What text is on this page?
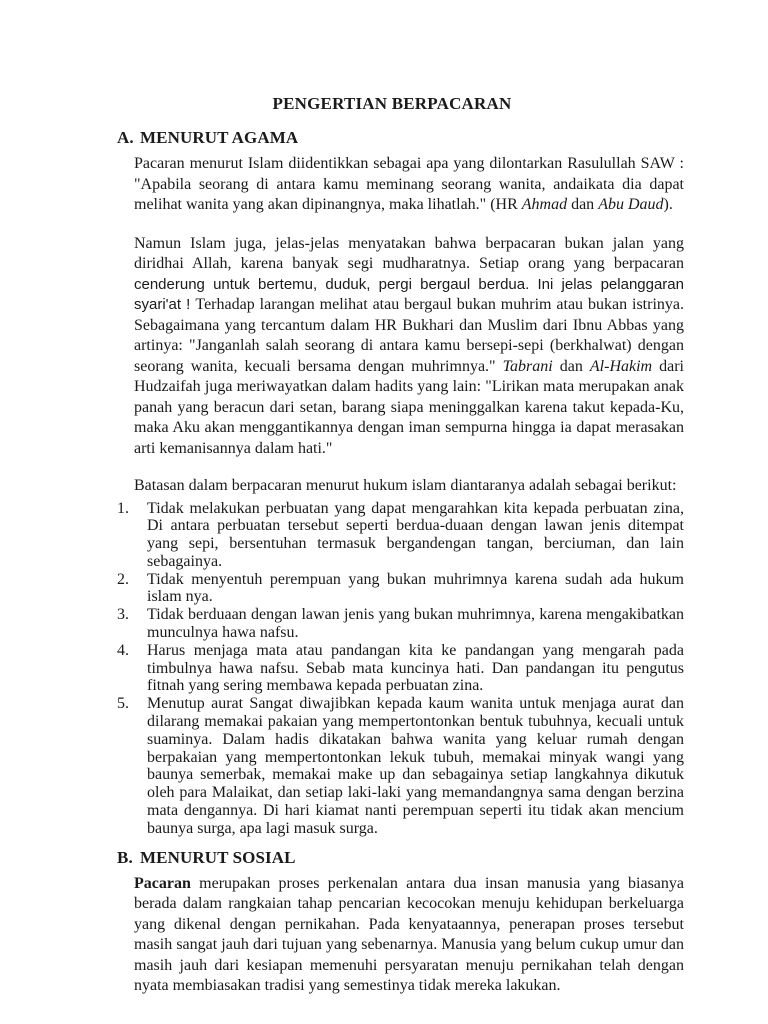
PENGERTIAN BERPACARAN
A. MENURUT AGAMA

Pacaran menurut Islam diidentikkan sebagai apa yang dilontarkan Rasulullah SAW : "Apabila seorang di antara kamu meminang seorang wanita, andaikata dia dapat melihat wanita yang akan dipinangnya, maka lihatlah." (HR Ahmad dan Abu Daud).

Namun Islam juga, jelas-jelas menyatakan bahwa berpacaran bukan jalan yang diridhai Allah, karena banyak segi mudharatnya. Setiap orang yang berpacaran cenderung untuk bertemu, duduk, pergi bergaul berdua. Ini jelas pelanggaran syari'at ! Terhadap larangan melihat atau bergaul bukan muhrim atau bukan istrinya. Sebagaimana yang tercantum dalam HR Bukhari dan Muslim dari Ibnu Abbas yang artinya: "Janganlah salah seorang di antara kamu bersepi-sepi (berkhalwat) dengan seorang wanita, kecuali bersama dengan muhrimnya." Tabrani dan Al-Hakim dari Hudzaifah juga meriwayatkan dalam hadits yang lain: "Lirikan mata merupakan anak panah yang beracun dari setan, barang siapa meninggalkan karena takut kepada-Ku, maka Aku akan menggantikannya dengan iman sempurna hingga ia dapat merasakan arti kemanisannya dalam hati."

Batasan dalam berpacaran menurut hukum islam diantaranya adalah sebagai berikut:

1.	Tidak melakukan perbuatan yang dapat mengarahkan kita kepada perbuatan zina, Di antara perbuatan tersebut seperti berdua-duaan dengan lawan jenis ditempat yang sepi, bersentuhan termasuk bergandengan tangan, berciuman, dan lain sebagainya.
2.	Tidak menyentuh perempuan yang bukan muhrimnya karena sudah ada hukum islam nya.
3.	Tidak berduaan dengan lawan jenis yang bukan muhrimnya, karena mengakibatkan munculnya hawa nafsu.
4.	Harus menjaga mata atau pandangan kita ke pandangan yang mengarah pada timbulnya hawa nafsu. Sebab mata kuncinya hati. Dan pandangan itu pengutus fitnah yang sering membawa kepada perbuatan zina.
5.	Menutup aurat Sangat diwajibkan kepada kaum wanita untuk menjaga aurat dan dilarang memakai pakaian yang mempertontonkan bentuk tubuhnya, kecuali untuk suaminya. Dalam hadis dikatakan bahwa wanita yang keluar rumah dengan berpakaian yang mempertontonkan lekuk tubuh, memakai minyak wangi yang baunya semerbak, memakai make up dan sebagainya setiap langkahnya dikutuk oleh para Malaikat, dan setiap laki-laki yang memandangnya sama dengan berzina mata dengannya. Di hari kiamat nanti perempuan seperti itu tidak akan mencium baunya surga, apa lagi masuk surga.
B. MENURUT SOSIAL

Pacaran merupakan proses perkenalan antara dua insan manusia yang biasanya berada dalam rangkaian tahap pencarian kecocokan menuju kehidupan berkeluarga yang dikenal dengan pernikahan. Pada kenyataannya, penerapan proses tersebut masih sangat jauh dari tujuan yang sebenarnya. Manusia yang belum cukup umur dan masih jauh dari kesiapan memenuhi persyaratan menuju pernikahan telah dengan nyata membiasakan tradisi yang semestinya tidak mereka lakukan.
